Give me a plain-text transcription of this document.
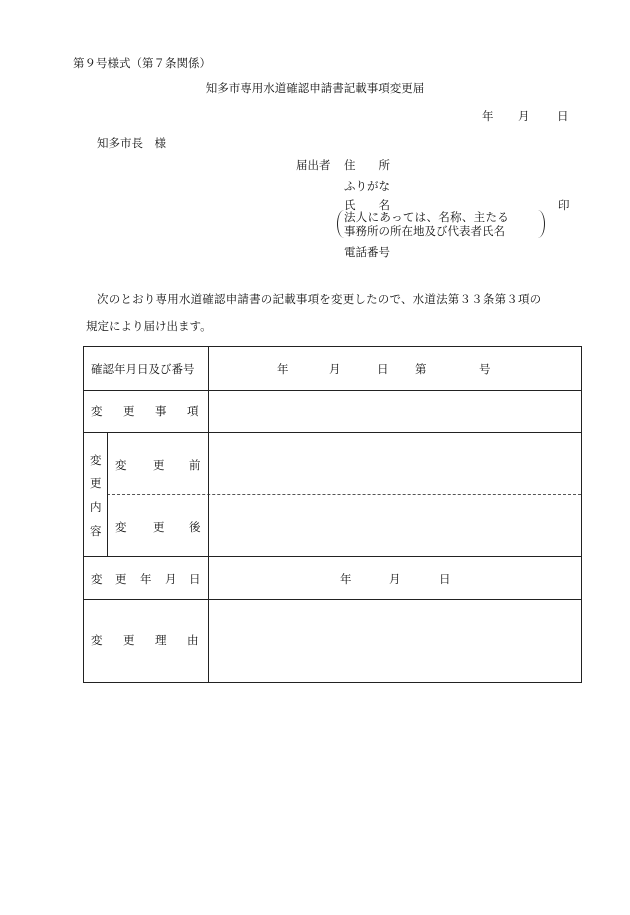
第９号様式（第７条関係）
知多市専用水道確認申請書記載事項変更届
年 月 日
知多市長　様
届出者 住　　所
ふりがな
氏　　名	印
法人にあっては、名称、主たる
事務所の所在地及び代表者氏名
電話番号
次のとおり専用水道確認申請書の記載事項を変更したので、水道法第３３条第３項の
規定により届け出ます。
確認年月日及び番号	年	月	日 第	号
変 更 事 項
変
更
内
容
変 更 前
変 更 後
変 更 年 月 日	年	月	日
変 更 理 由
